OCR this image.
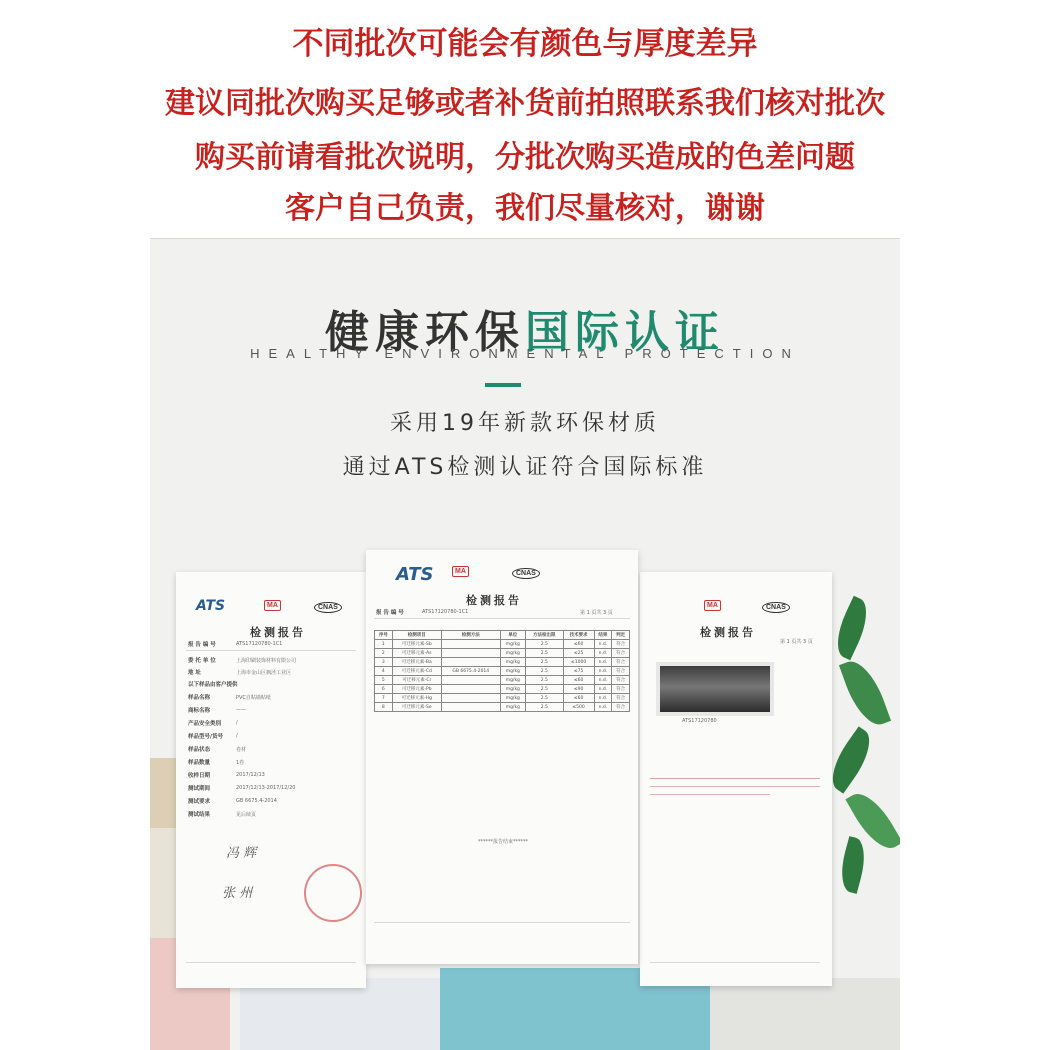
不同批次可能会有颜色与厚度差异
建议同批次购买足够或者补货前拍照联系我们核对批次
购买前请看批次说明，分批次购买造成的色差问题
客户自己负责，我们尽量核对，谢谢
健康环保国际认证
HEALTHY ENVIRONMENTAL PROTECTION
采用19年新款环保材质
通过ATS检测认证符合国际标准
ATS	MA	CNAS
检测报告
报 告 编 号	ATS17120780-1C1
委 托 单 位	上海印刷装饰材料有限公司
地 址	上海市金山区枫泾工业区
以下样品由客户提供
样品名称	PVC自粘墙贴纸
商标名称	——
产品安全类别	/
样品型号/货号	/
样品状态	卷材
样品数量	1卷
收样日期	2017/12/13
测试期间	2017/12/13-2017/12/20
测试要求	GB 6675.4-2014
测试结果	见后续页
冯 辉
张 州
MA	CNAS
检测报告
第 1 页共 3 页
ATS17120780
ATS	MA	CNAS
检测报告
报 告 编 号	ATS17120780-1C1	第 1 页共 3 页
序号	检测项目	检测方法	单位	方法检出限	技术要求	结果	判定
1	可迁移元素-Sb		mg/kg	2.5	≤60	n.d.	符合
2	可迁移元素-As		mg/kg	2.5	≤25	n.d.	符合
3	可迁移元素-Ba		mg/kg	2.5	≤1000	n.d.	符合
4	可迁移元素-Cd	GB 6675.4-2014	mg/kg	2.5	≤75	n.d.	符合
5	可迁移元素-Cr		mg/kg	2.5	≤60	n.d.	符合
6	可迁移元素-Pb		mg/kg	2.5	≤90	n.d.	符合
7	可迁移元素-Hg		mg/kg	2.5	≤60	n.d.	符合
8	可迁移元素-Se		mg/kg	2.5	≤500	n.d.	符合
******报告结束******
